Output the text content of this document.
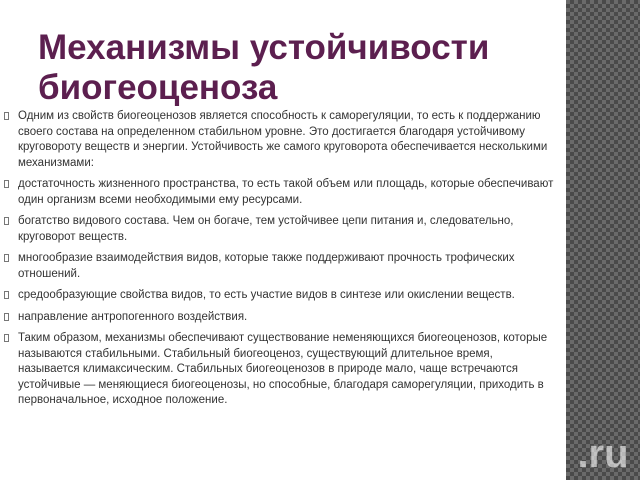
Механизмы устойчивости биогеоценоза
Одним из свойств биогеоценозов является способность к саморегуляции, то есть к поддержанию своего состава на определенном стабильном уровне. Это достигается благодаря устойчивому круговороту веществ и энергии. Устойчивость же самого круговорота обеспечивается несколькими механизмами:
достаточность жизненного пространства, то есть такой объем или площадь, которые обеспечивают один организм всеми необходимыми ему ресурсами.
богатство видового состава. Чем он богаче, тем устойчивее цепи питания и, следовательно, круговорот веществ.
многообразие взаимодействия видов, которые также поддерживают прочность трофических отношений.
средообразующие свойства видов, то есть участие видов в синтезе или окислении веществ.
направление антропогенного воздействия.
Таким образом, механизмы обеспечивают существование неменяющихся биогеоценозов, которые называются стабильными. Стабильный биогеоценоз, существующий длительное время, называется климаксическим. Стабильных биогеоценозов в природе мало, чаще встречаются устойчивые — меняющиеся биогеоценозы, но способные, благодаря саморегуляции, приходить в первоначальное, исходное положение.
.ru
